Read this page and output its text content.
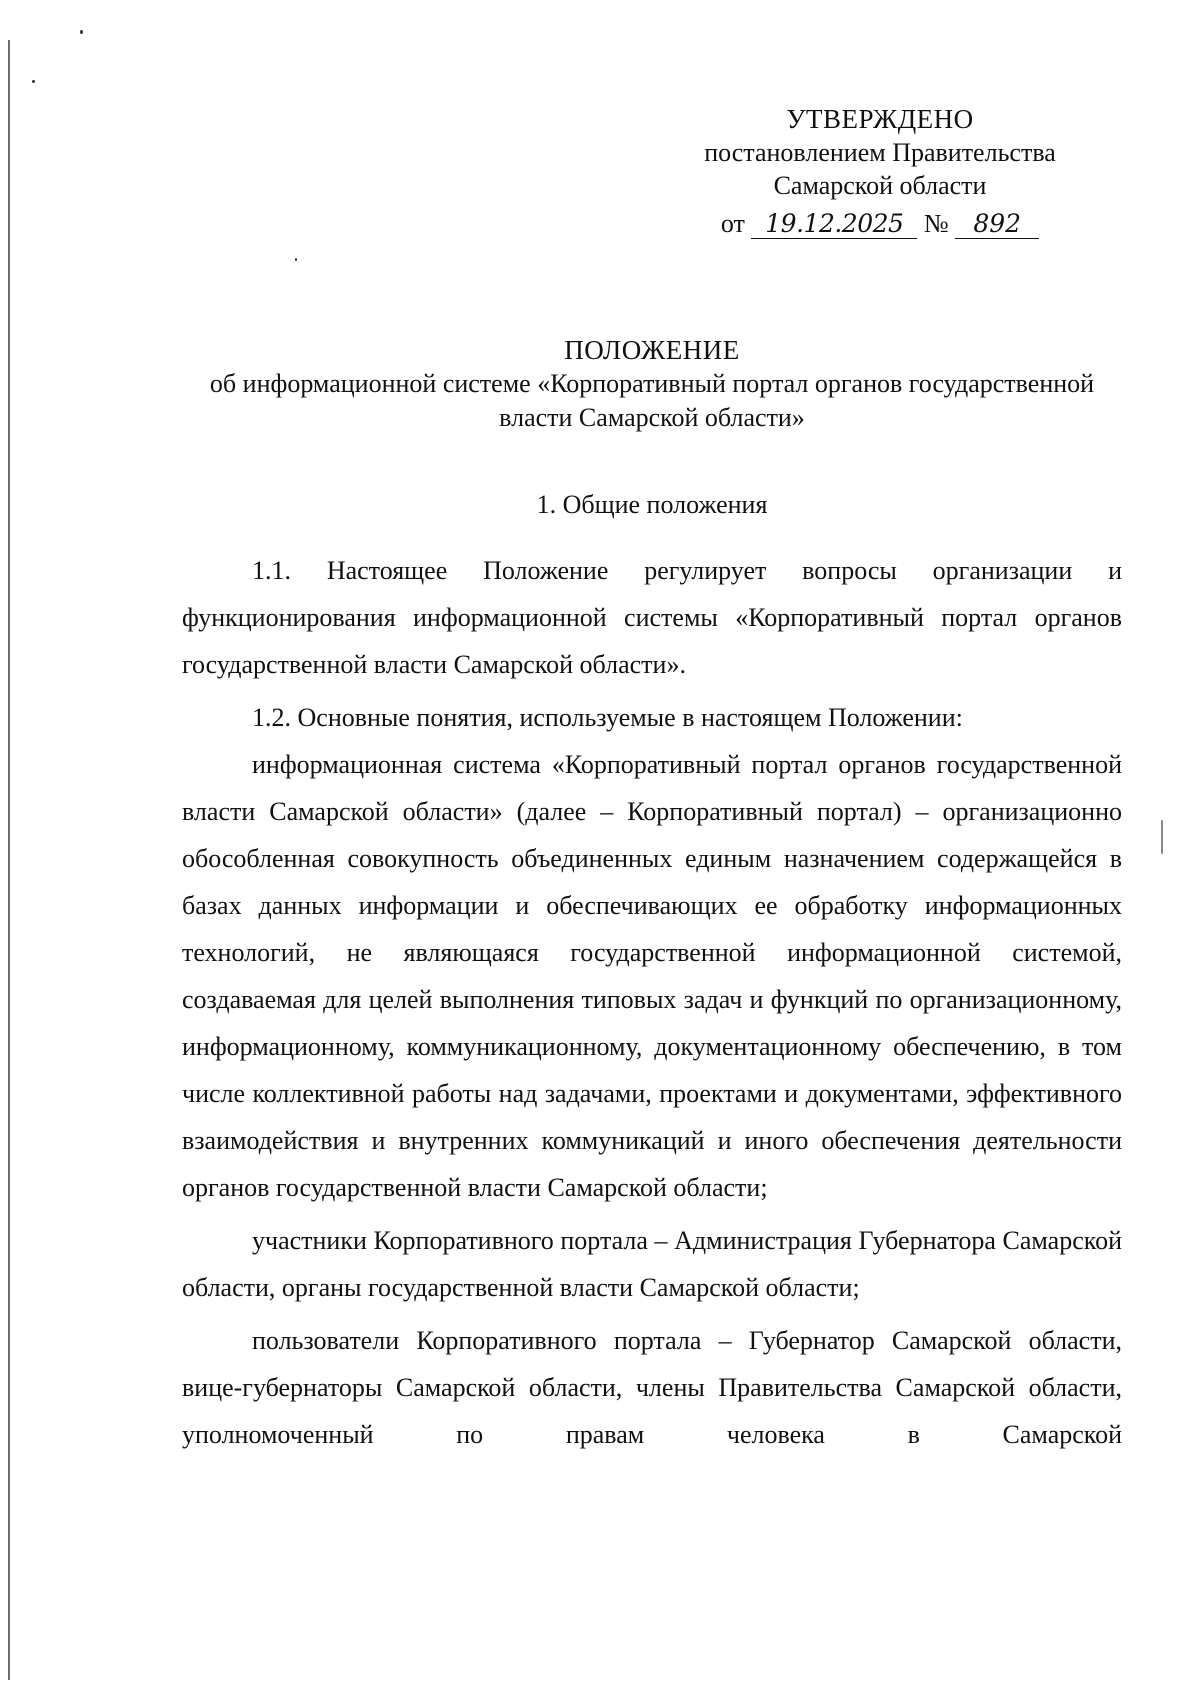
УТВЕРЖДЕНО
постановлением Правительства
Самарской области
от 19.12.2025 № 892
ПОЛОЖЕНИЕ
об информационной системе «Корпоративный портал органов государственной
власти Самарской области»
1. Общие положения

1.1. Настоящее Положение регулирует вопросы организации и функционирования информационной системы «Корпоративный портал органов государственной власти Самарской области».

1.2. Основные понятия, используемые в настоящем Положении:

информационная система «Корпоративный портал органов государственной власти Самарской области» (далее – Корпоративный портал) – организационно обособленная совокупность объединенных единым назначением содержащейся в базах данных информации и обеспечивающих ее обработку информационных технологий, не являющаяся государственной информационной системой, создаваемая для целей выполнения типовых задач и функций по организационному, информационному, коммуникационному, документационному обеспечению, в том числе коллективной работы над задачами, проектами и документами, эффективного взаимодействия и внутренних коммуникаций и иного обеспечения деятельности органов государственной власти Самарской области;

участники Корпоративного портала – Администрация Губернатора Самарской области, органы государственной власти Самарской области;

пользователи Корпоративного портала – Губернатор Самарской области, вице-губернаторы Самарской области, члены Правительства Самарской области, уполномоченный по правам человека в Самарской
